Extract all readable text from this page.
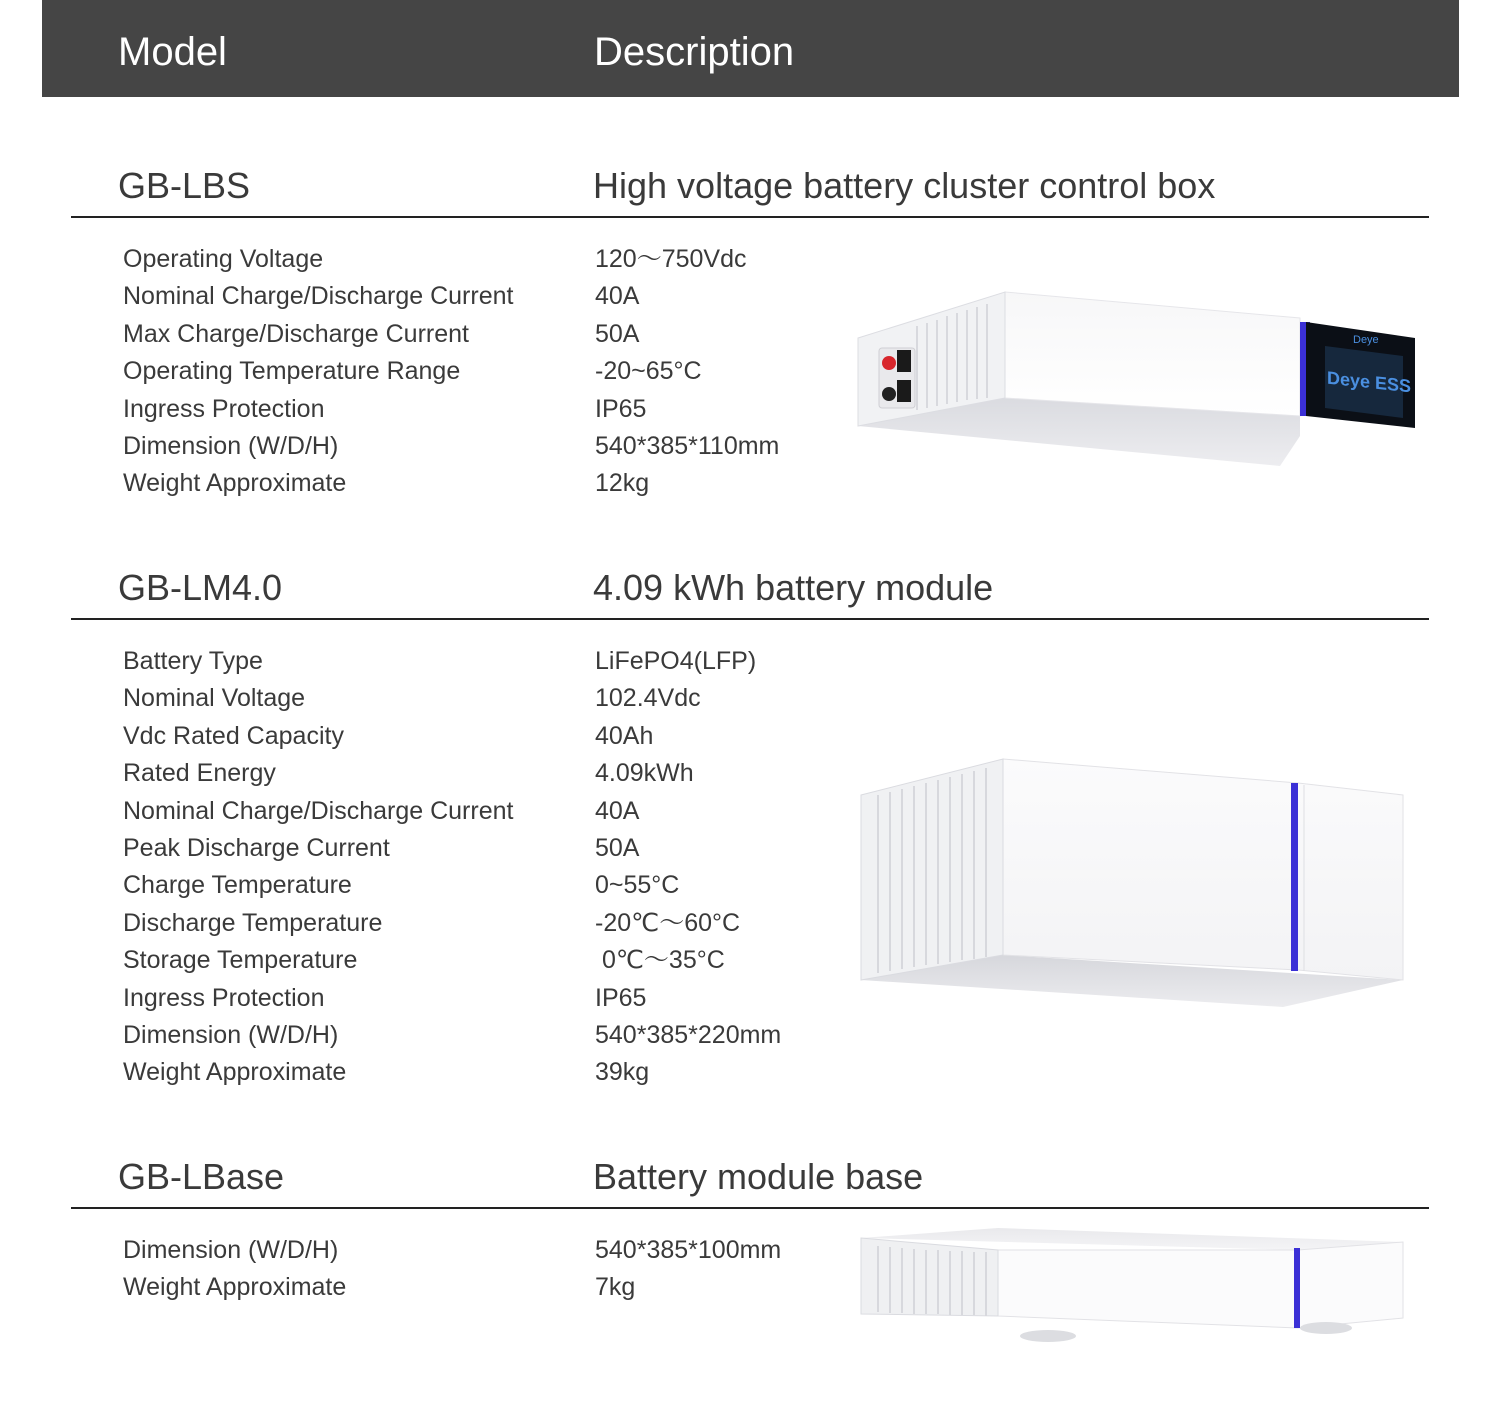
Model	Description
GB-LBS	High voltage battery cluster control box
Operating Voltage	120～750Vdc
Nominal Charge/Discharge Current	40A
Max Charge/Discharge Current	50A
Operating Temperature Range	-20~65°C
Ingress Protection	IP65
Dimension (W/D/H)	540*385*110mm
Weight Approximate	12kg
Deye ESS
Deye
GB-LM4.0	4.09 kWh battery module
Battery Type	LiFePO4(LFP)
Nominal Voltage	102.4Vdc
Vdc Rated Capacity	40Ah
Rated Energy	4.09kWh
Nominal Charge/Discharge Current	40A
Peak Discharge Current	50A
Charge Temperature	0~55°C
Discharge Temperature	-20℃～60°C
Storage Temperature	0℃～35°C
Ingress Protection	IP65
Dimension (W/D/H)	540*385*220mm
Weight Approximate	39kg
GB-LBase	Battery module base
Dimension (W/D/H)	540*385*100mm
Weight Approximate	7kg
